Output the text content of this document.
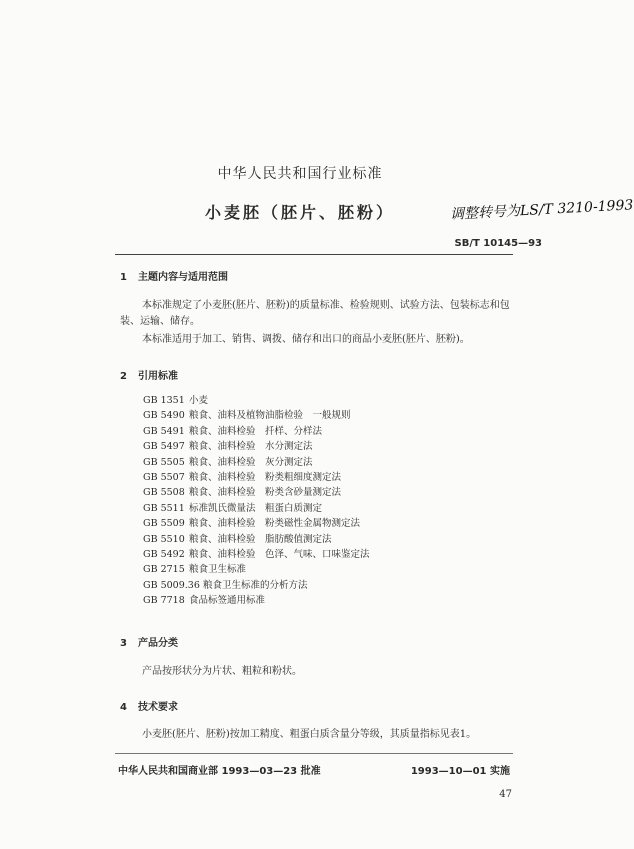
中华人民共和国行业标准
小麦胚（胚片、胚粉）	调整转号为LS/T 3210-1993
SB/T 10145—93
1 主题内容与适用范围
本标准规定了小麦胚(胚片、胚粉)的质量标准、检验规则、试验方法、包装标志和包装、运输、储存。
本标准适用于加工、销售、调拨、储存和出口的商品小麦胚(胚片、胚粉)。
2 引用标准
GB 1351 小麦
GB 5490 粮食、油料及植物油脂检验　一般规则
GB 5491 粮食、油料检验　扦样、分样法
GB 5497 粮食、油料检验　水分测定法
GB 5505 粮食、油料检验　灰分测定法
GB 5507 粮食、油料检验　粉类粗细度测定法
GB 5508 粮食、油料检验　粉类含砂量测定法
GB 5511 标准凯氏微量法　粗蛋白质测定
GB 5509 粮食、油料检验　粉类磁性金属物测定法
GB 5510 粮食、油料检验　脂肪酸值测定法
GB 5492 粮食、油料检验　色泽、气味、口味鉴定法
GB 2715 粮食卫生标准
GB 5009.36 粮食卫生标准的分析方法
GB 7718 食品标签通用标准
3 产品分类
产品按形状分为片状、粗粒和粉状。
4 技术要求
小麦胚(胚片、胚粉)按加工精度、粗蛋白质含量分等级，其质量指标见表1。
中华人民共和国商业部 1993—03—23 批准	1993—10—01 实施
47
